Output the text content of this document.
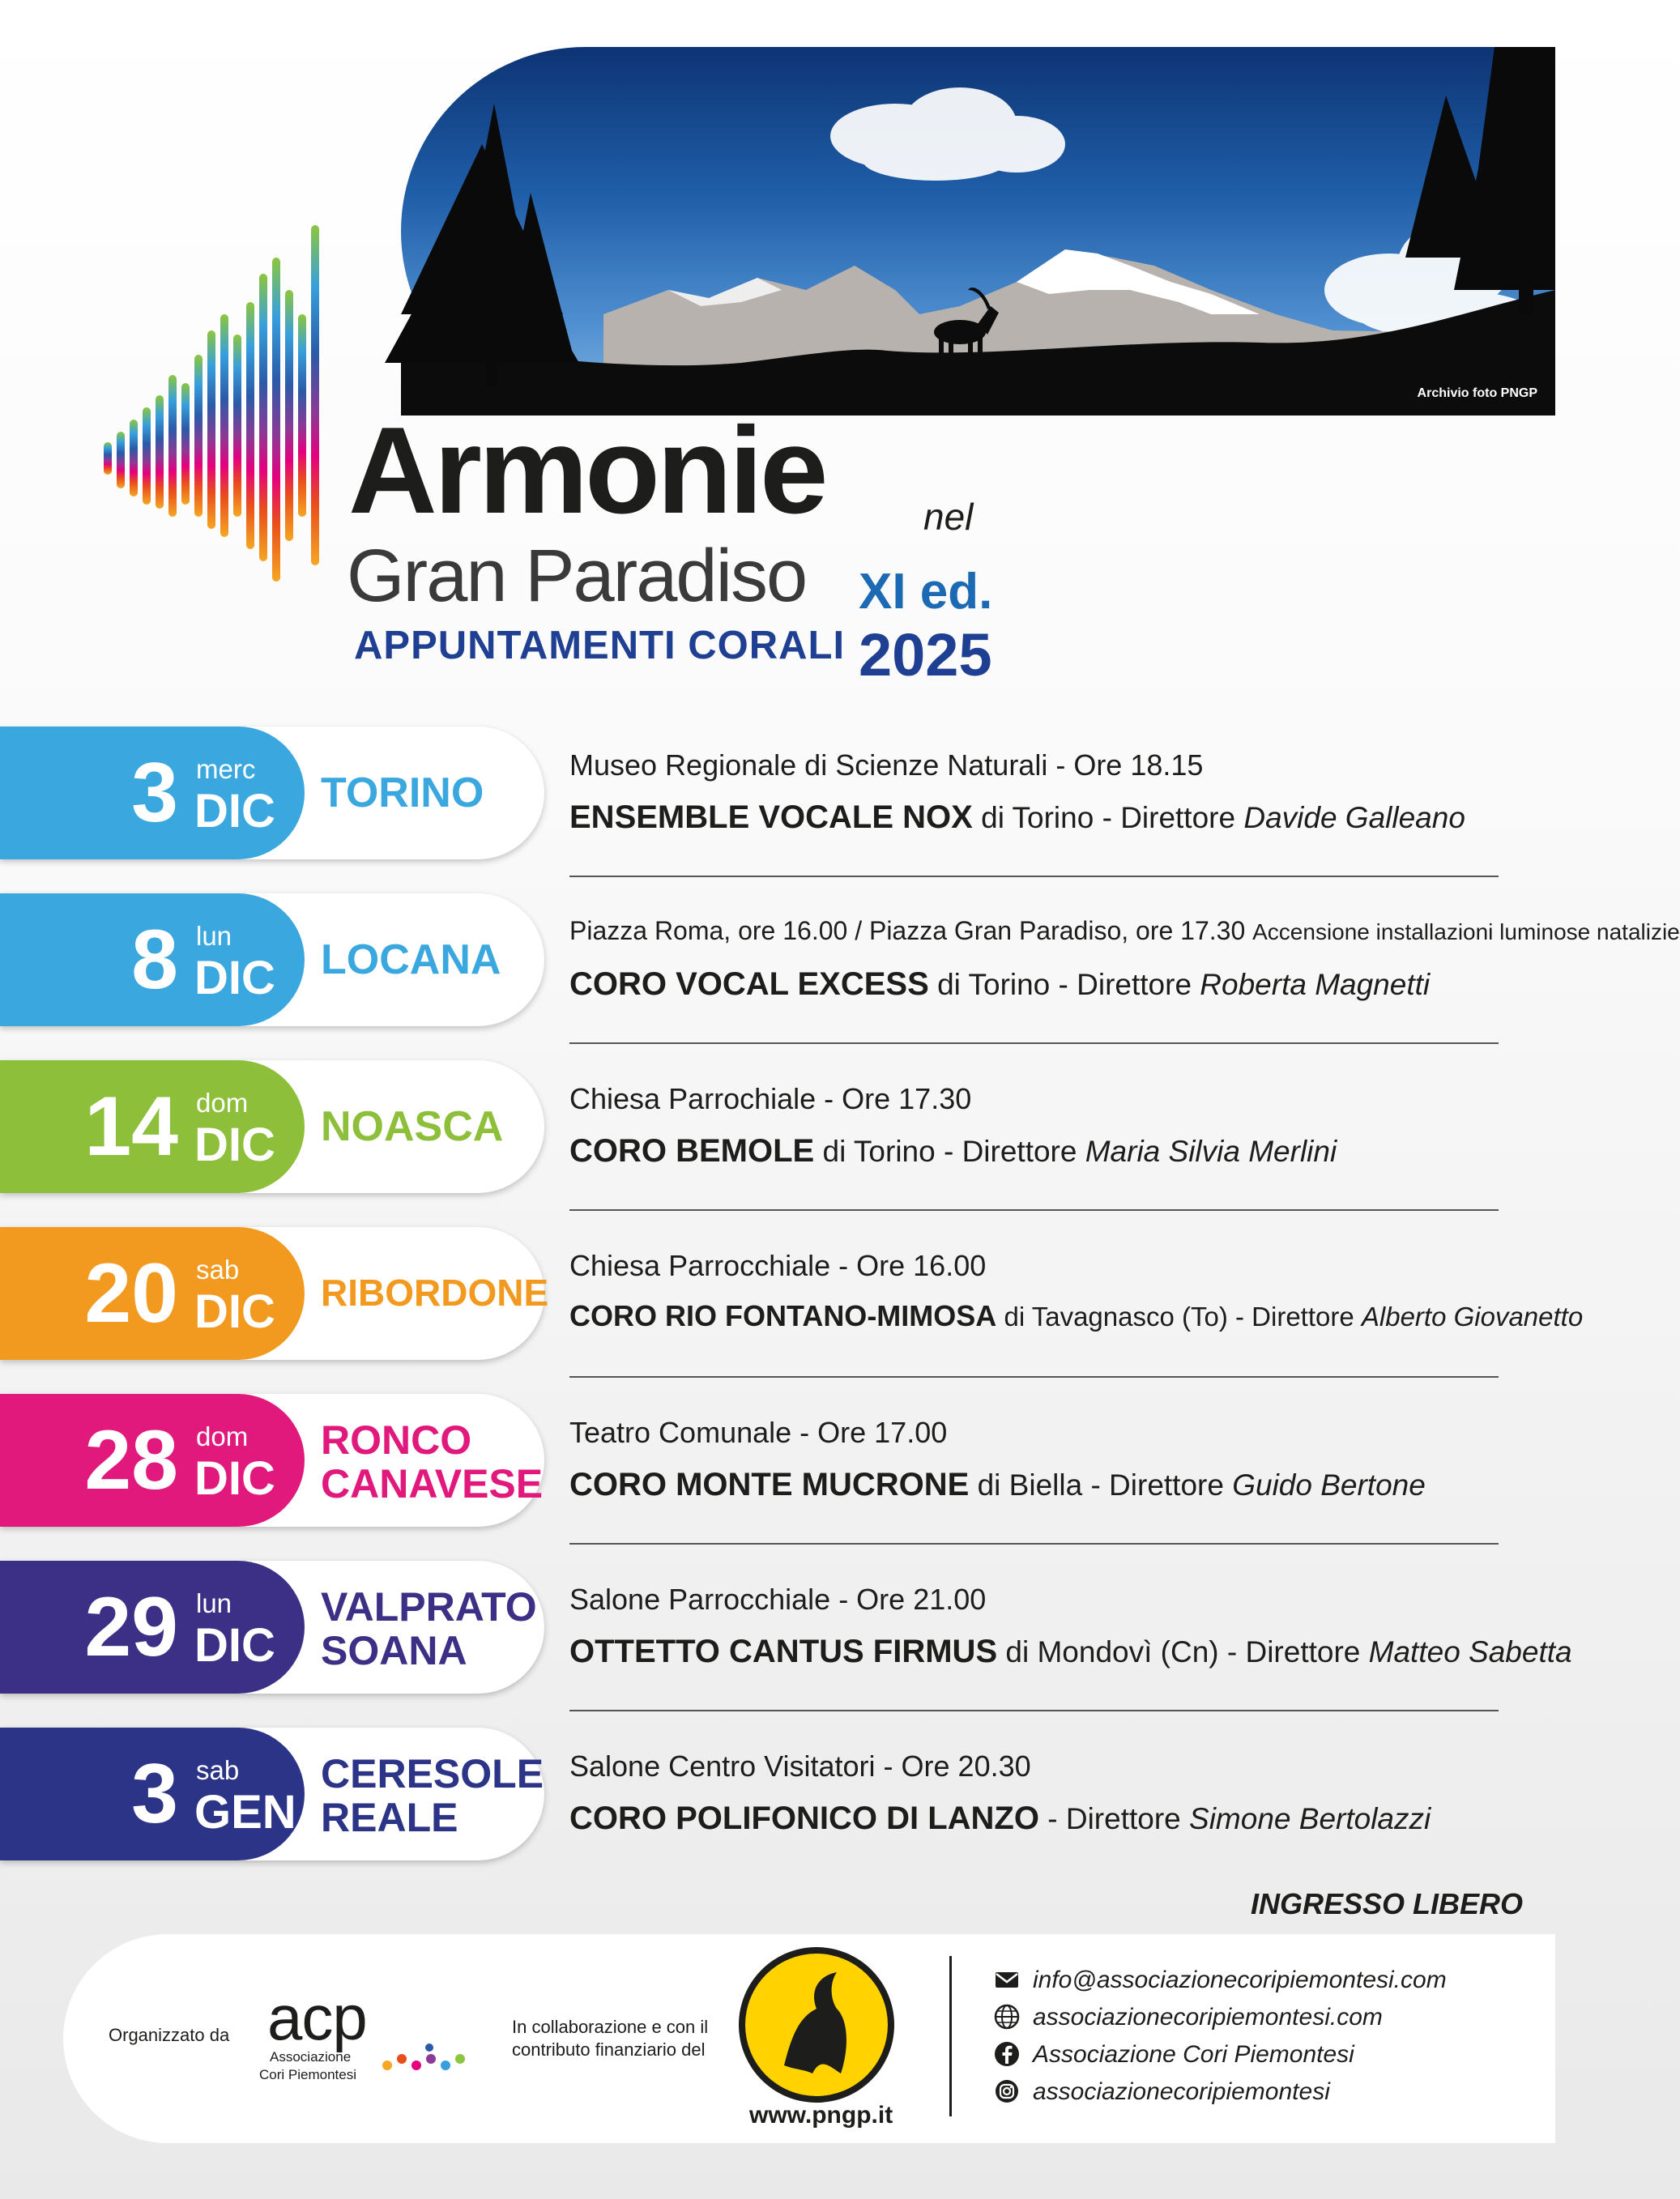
Archivio foto PNGP
Armonie	nel
Gran Paradiso XI ed.
APPUNTAMENTI CORALI 2025
3 merc
DIC TORINO
Museo Regionale di Scienze Naturali - Ore 18.15
ENSEMBLE VOCALE NOX di Torino - Direttore Davide Galleano
8 lun
DIC LOCANA
Piazza Roma, ore 16.00 / Piazza Gran Paradiso, ore 17.30 Accensione installazioni luminose natalizie
CORO VOCAL EXCESS di Torino - Direttore Roberta Magnetti
14 dom
DIC NOASCA
Chiesa Parrochiale - Ore 17.30
CORO BEMOLE di Torino - Direttore Maria Silvia Merlini
20 sab
DIC RIBORDONE
Chiesa Parrocchiale - Ore 16.00
CORO RIO FONTANO-MIMOSA di Tavagnasco (To) - Direttore Alberto Giovanetto
28 dom
DIC
RONCO
CANAVESE
Teatro Comunale - Ore 17.00
CORO MONTE MUCRONE di Biella - Direttore Guido Bertone
29 lun
DIC
VALPRATO
SOANA
Salone Parrocchiale - Ore 21.00
OTTETTO CANTUS FIRMUS di Mondovì (Cn) - Direttore Matteo Sabetta
3 sab
GEN
CERESOLE
REALE
Salone Centro Visitatori - Ore 20.30
CORO POLIFONICO DI LANZO - Direttore Simone Bertolazzi
INGRESSO LIBERO
Organizzato da acp
Associazione
Cori Piemontesi
In collaborazione e con il
contributo finanziario del
www.pngp.it
info@associazionecoripiemontesi.com
associazionecoripiemontesi.com
Associazione Cori Piemontesi
associazionecoripiemontesi
